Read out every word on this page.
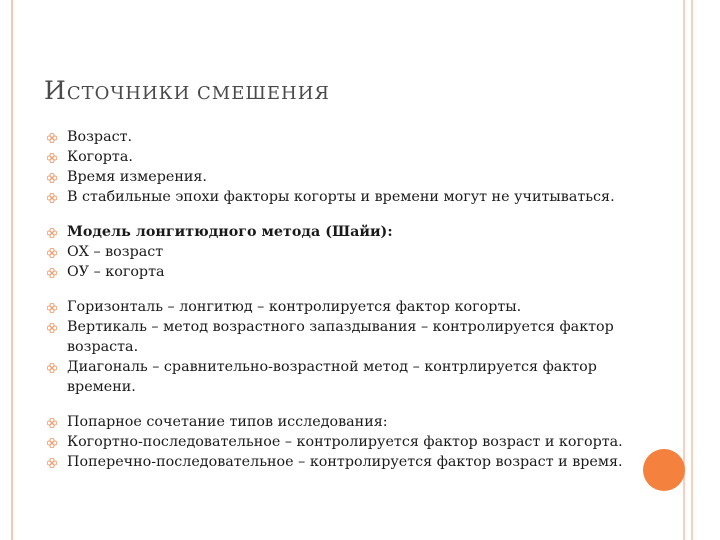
ИСТОЧНИКИ СМЕШЕНИЯ
Возраст.
Когорта.
Время измерения.
В стабильные эпохи факторы когорты и времени могут не учитываться.
Модель лонгитюдного метода (Шайи):
ОХ – возраст
ОУ – когорта
Горизонталь – лонгитюд – контролируется фактор когорты.
Вертикаль – метод возрастного запаздывания – контролируется фактор возраста.
Диагональ – сравнительно-возрастной метод – контрлируется фактор времени.
Попарное сочетание типов исследования:
Когортно-последовательное – контролируется фактор возраст и когорта.
Поперечно-последовательное – контролируется фактор возраст и время.
